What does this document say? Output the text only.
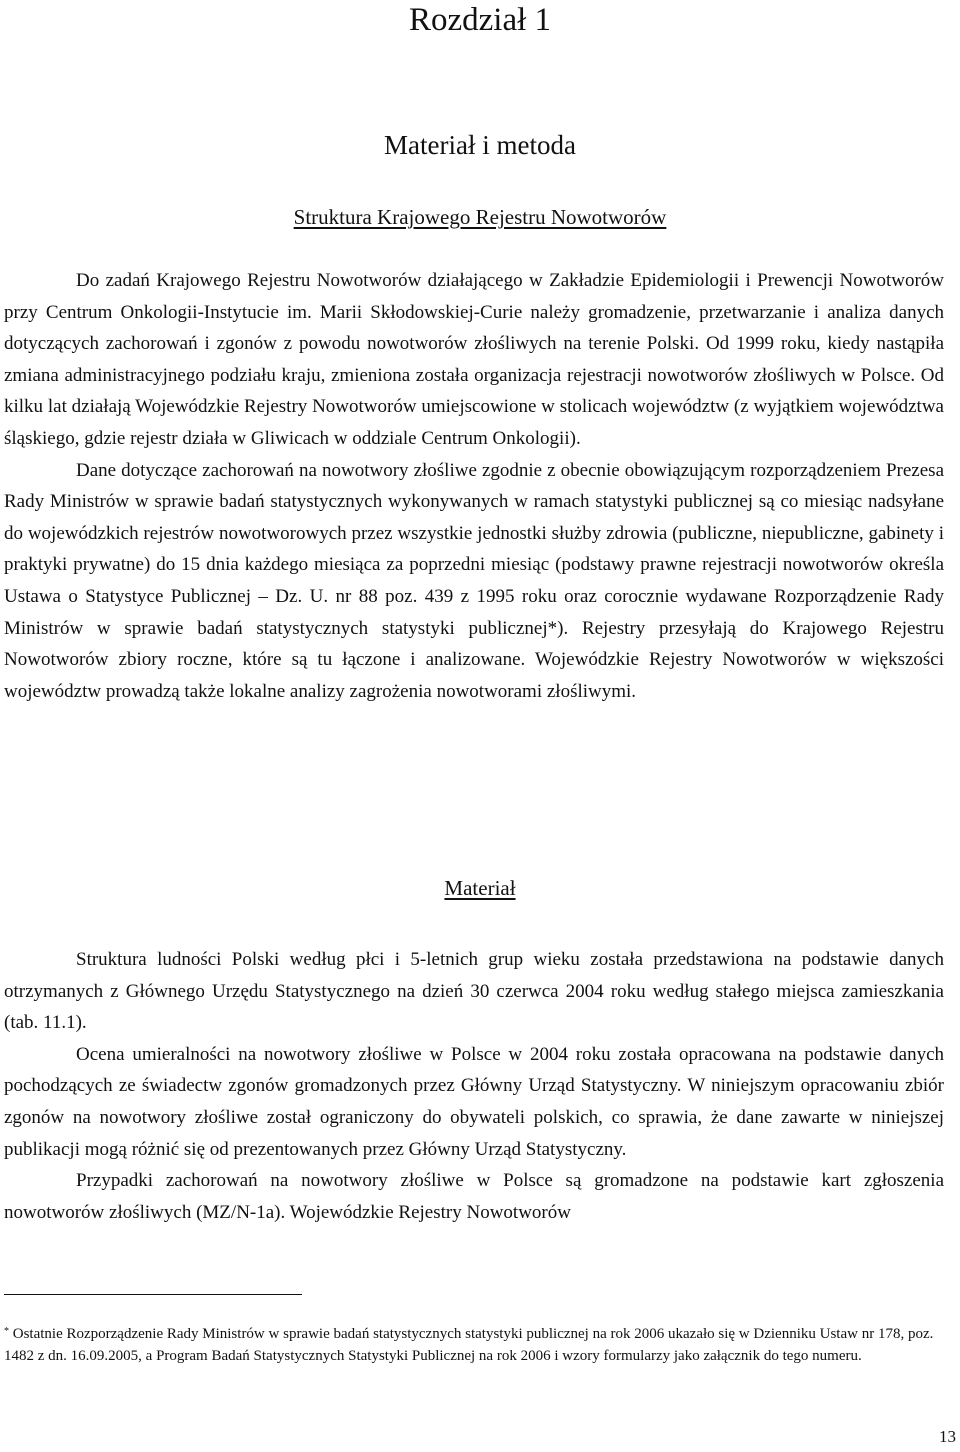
Rozdział 1
Materiał i metoda
Struktura Krajowego Rejestru Nowotworów

Do zadań Krajowego Rejestru Nowotworów działającego w Zakładzie Epidemiologii i Prewencji Nowotworów przy Centrum Onkologii-Instytucie im. Marii Skłodowskiej-Curie należy gromadzenie, przetwarzanie i analiza danych dotyczących zachorowań i zgonów z powodu nowotworów złośliwych na terenie Polski. Od 1999 roku, kiedy nastąpiła zmiana administracyjnego podziału kraju, zmieniona została organizacja rejestracji nowotworów złośliwych w Polsce. Od kilku lat działają Wojewódzkie Rejestry Nowotworów umiejscowione w stolicach województw (z wyjątkiem województwa śląskiego, gdzie rejestr działa w Gliwicach w oddziale Centrum Onkologii).

Dane dotyczące zachorowań na nowotwory złośliwe zgodnie z obecnie obowiązującym rozporządzeniem Prezesa Rady Ministrów w sprawie badań statystycznych wykonywanych w ramach statystyki publicznej są co miesiąc nadsyłane do wojewódzkich rejestrów nowotworowych przez wszystkie jednostki służby zdrowia (publiczne, niepubliczne, gabinety i praktyki prywatne) do 15 dnia każdego miesiąca za poprzedni miesiąc (podstawy prawne rejestracji nowotworów określa Ustawa o Statystyce Publicznej – Dz. U. nr 88 poz. 439 z 1995 roku oraz corocznie wydawane Rozporządzenie Rady Ministrów w sprawie badań statystycznych statystyki publicznej*). Rejestry przesyłają do Krajowego Rejestru Nowotworów zbiory roczne, które są tu łączone i analizowane. Wojewódzkie Rejestry Nowotworów w większości województw prowadzą także lokalne analizy zagrożenia nowotworami złośliwymi.

Materiał

Struktura ludności Polski według płci i 5-letnich grup wieku została przedstawiona na podstawie danych otrzymanych z Głównego Urzędu Statystycznego na dzień 30 czerwca 2004 roku według stałego miejsca zamieszkania (tab. 11.1).

Ocena umieralności na nowotwory złośliwe w Polsce w 2004 roku została opracowana na podstawie danych pochodzących ze świadectw zgonów gromadzonych przez Główny Urząd Statystyczny. W niniejszym opracowaniu zbiór zgonów na nowotwory złośliwe został ograniczony do obywateli polskich, co sprawia, że dane zawarte w niniejszej publikacji mogą różnić się od prezentowanych przez Główny Urząd Statystyczny.

Przypadki zachorowań na nowotwory złośliwe w Polsce są gromadzone na podstawie kart zgłoszenia nowotworów złośliwych (MZ/N-1a). Wojewódzkie Rejestry Nowotworów

* Ostatnie Rozporządzenie Rady Ministrów w sprawie badań statystycznych statystyki publicznej na rok 2006 ukazało się w Dzienniku Ustaw nr 178, poz. 1482 z dn. 16.09.2005, a Program Badań Statystycznych Statystyki Publicznej na rok 2006 i wzory formularzy jako załącznik do tego numeru.

13
